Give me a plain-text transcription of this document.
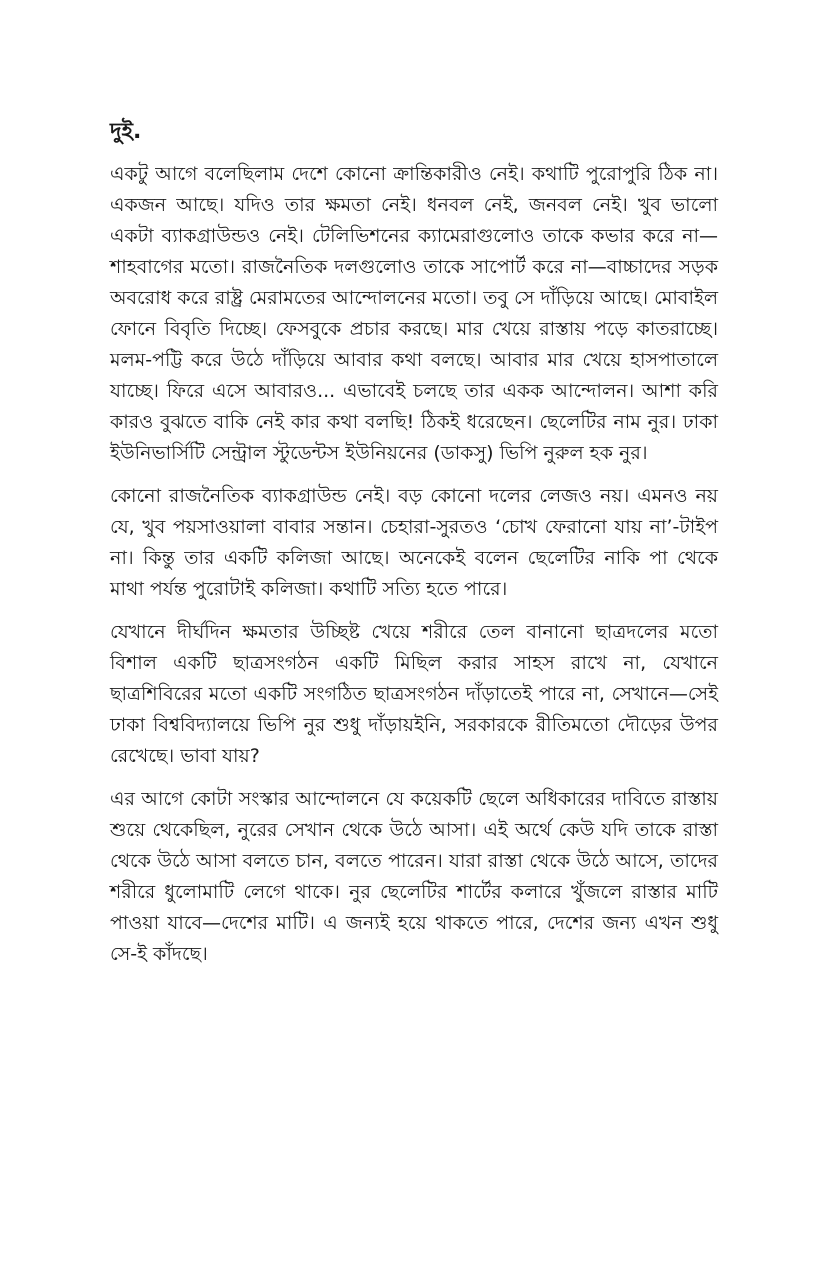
দুই.

একটু আগে বলেছিলাম দেশে কোনো ক্রান্তিকারীও নেই। কথাটি পুরোপুরি ঠিক না। একজন আছে। যদিও তার ক্ষমতা নেই। ধনবল নেই, জনবল নেই। খুব ভালো একটা ব্যাকগ্রাউন্ডও নেই। টেলিভিশনের ক্যামেরাগুলোও তাকে কভার করে না—শাহবাগের মতো। রাজনৈতিক দলগুলোও তাকে সাপোর্ট করে না—বাচ্চাদের সড়ক অবরোধ করে রাষ্ট্র মেরামতের আন্দোলনের মতো। তবু সে দাঁড়িয়ে আছে। মোবাইল ফোনে বিবৃতি দিচ্ছে। ফেসবুকে প্রচার করছে। মার খেয়ে রাস্তায় পড়ে কাতরাচ্ছে। মলম-পট্টি করে উঠে দাঁড়িয়ে আবার কথা বলছে। আবার মার খেয়ে হাসপাতালে যাচ্ছে। ফিরে এসে আবারও... এভাবেই চলছে তার একক আন্দোলন। আশা করি কারও বুঝতে বাকি নেই কার কথা বলছি! ঠিকই ধরেছেন। ছেলেটির নাম নুর। ঢাকা ইউনিভার্সিটি সেন্ট্রাল স্টুডেন্টস ইউনিয়নের (ডাকসু) ভিপি নুরুল হক নুর।

কোনো রাজনৈতিক ব্যাকগ্রাউন্ড নেই। বড় কোনো দলের লেজও নয়। এমনও নয় যে, খুব পয়সাওয়ালা বাবার সন্তান। চেহারা-সুরতও ‘চোখ ফেরানো যায় না’-টাইপ না। কিন্তু তার একটি কলিজা আছে। অনেকেই বলেন ছেলেটির নাকি পা থেকে মাথা পর্যন্ত পুরোটাই কলিজা। কথাটি সত্যি হতে পারে।

যেখানে দীর্ঘদিন ক্ষমতার উচ্ছিষ্ট খেয়ে শরীরে তেল বানানো ছাত্রদলের মতো বিশাল একটি ছাত্রসংগঠন একটি মিছিল করার সাহস রাখে না, যেখানে ছাত্রশিবিরের মতো একটি সংগঠিত ছাত্রসংগঠন দাঁড়াতেই পারে না, সেখানে—সেই ঢাকা বিশ্ববিদ্যালয়ে ভিপি নুর শুধু দাঁড়ায়ইনি, সরকারকে রীতিমতো দৌড়ের উপর রেখেছে। ভাবা যায়?

এর আগে কোটা সংস্কার আন্দোলনে যে কয়েকটি ছেলে অধিকারের দাবিতে রাস্তায় শুয়ে থেকেছিল, নুরের সেখান থেকে উঠে আসা। এই অর্থে কেউ যদি তাকে রাস্তা থেকে উঠে আসা বলতে চান, বলতে পারেন। যারা রাস্তা থেকে উঠে আসে, তাদের শরীরে ধুলোমাটি লেগে থাকে। নুর ছেলেটির শার্টের কলারে খুঁজলে রাস্তার মাটি পাওয়া যাবে—দেশের মাটি। এ জন্যই হয়ে থাকতে পারে, দেশের জন্য এখন শুধু সে-ই কাঁদছে।
